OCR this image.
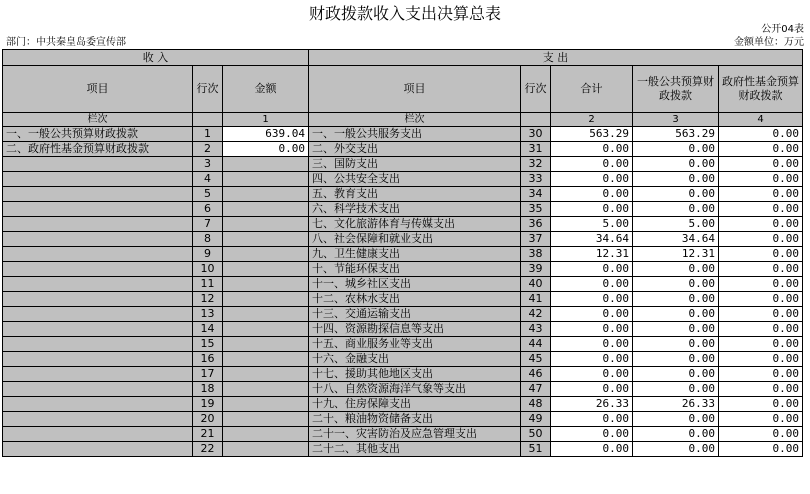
财政拨款收入支出决算总表
公开04表
部门：中共秦皇岛委宣传部	金额单位：万元
收 入			支 出				
项目	行次	金额	项目	行次	合计	一般公共预算财政拨款	政府性基金预算财政拨款
栏次		1	栏次		2	3	4
一、一般公共预算财政拨款	1	639.04	一、一般公共服务支出	30	563.29	563.29	0.00
二、政府性基金预算财政拨款	2	0.00	二、外交支出	31	0.00	0.00	0.00
	3		三、国防支出	32	0.00	0.00	0.00
	4		四、公共安全支出	33	0.00	0.00	0.00
	5		五、教育支出	34	0.00	0.00	0.00
	6		六、科学技术支出	35	0.00	0.00	0.00
	7		七、文化旅游体育与传媒支出	36	5.00	5.00	0.00
	8		八、社会保障和就业支出	37	34.64	34.64	0.00
	9		九、卫生健康支出	38	12.31	12.31	0.00
	10		十、节能环保支出	39	0.00	0.00	0.00
	11		十一、城乡社区支出	40	0.00	0.00	0.00
	12		十二、农林水支出	41	0.00	0.00	0.00
	13		十三、交通运输支出	42	0.00	0.00	0.00
	14		十四、资源勘探信息等支出	43	0.00	0.00	0.00
	15		十五、商业服务业等支出	44	0.00	0.00	0.00
	16		十六、金融支出	45	0.00	0.00	0.00
	17		十七、援助其他地区支出	46	0.00	0.00	0.00
	18		十八、自然资源海洋气象等支出	47	0.00	0.00	0.00
	19		十九、住房保障支出	48	26.33	26.33	0.00
	20		二十、粮油物资储备支出	49	0.00	0.00	0.00
	21		二十一、灾害防治及应急管理支出	50	0.00	0.00	0.00
	22		二十二、其他支出	51	0.00	0.00	0.00
